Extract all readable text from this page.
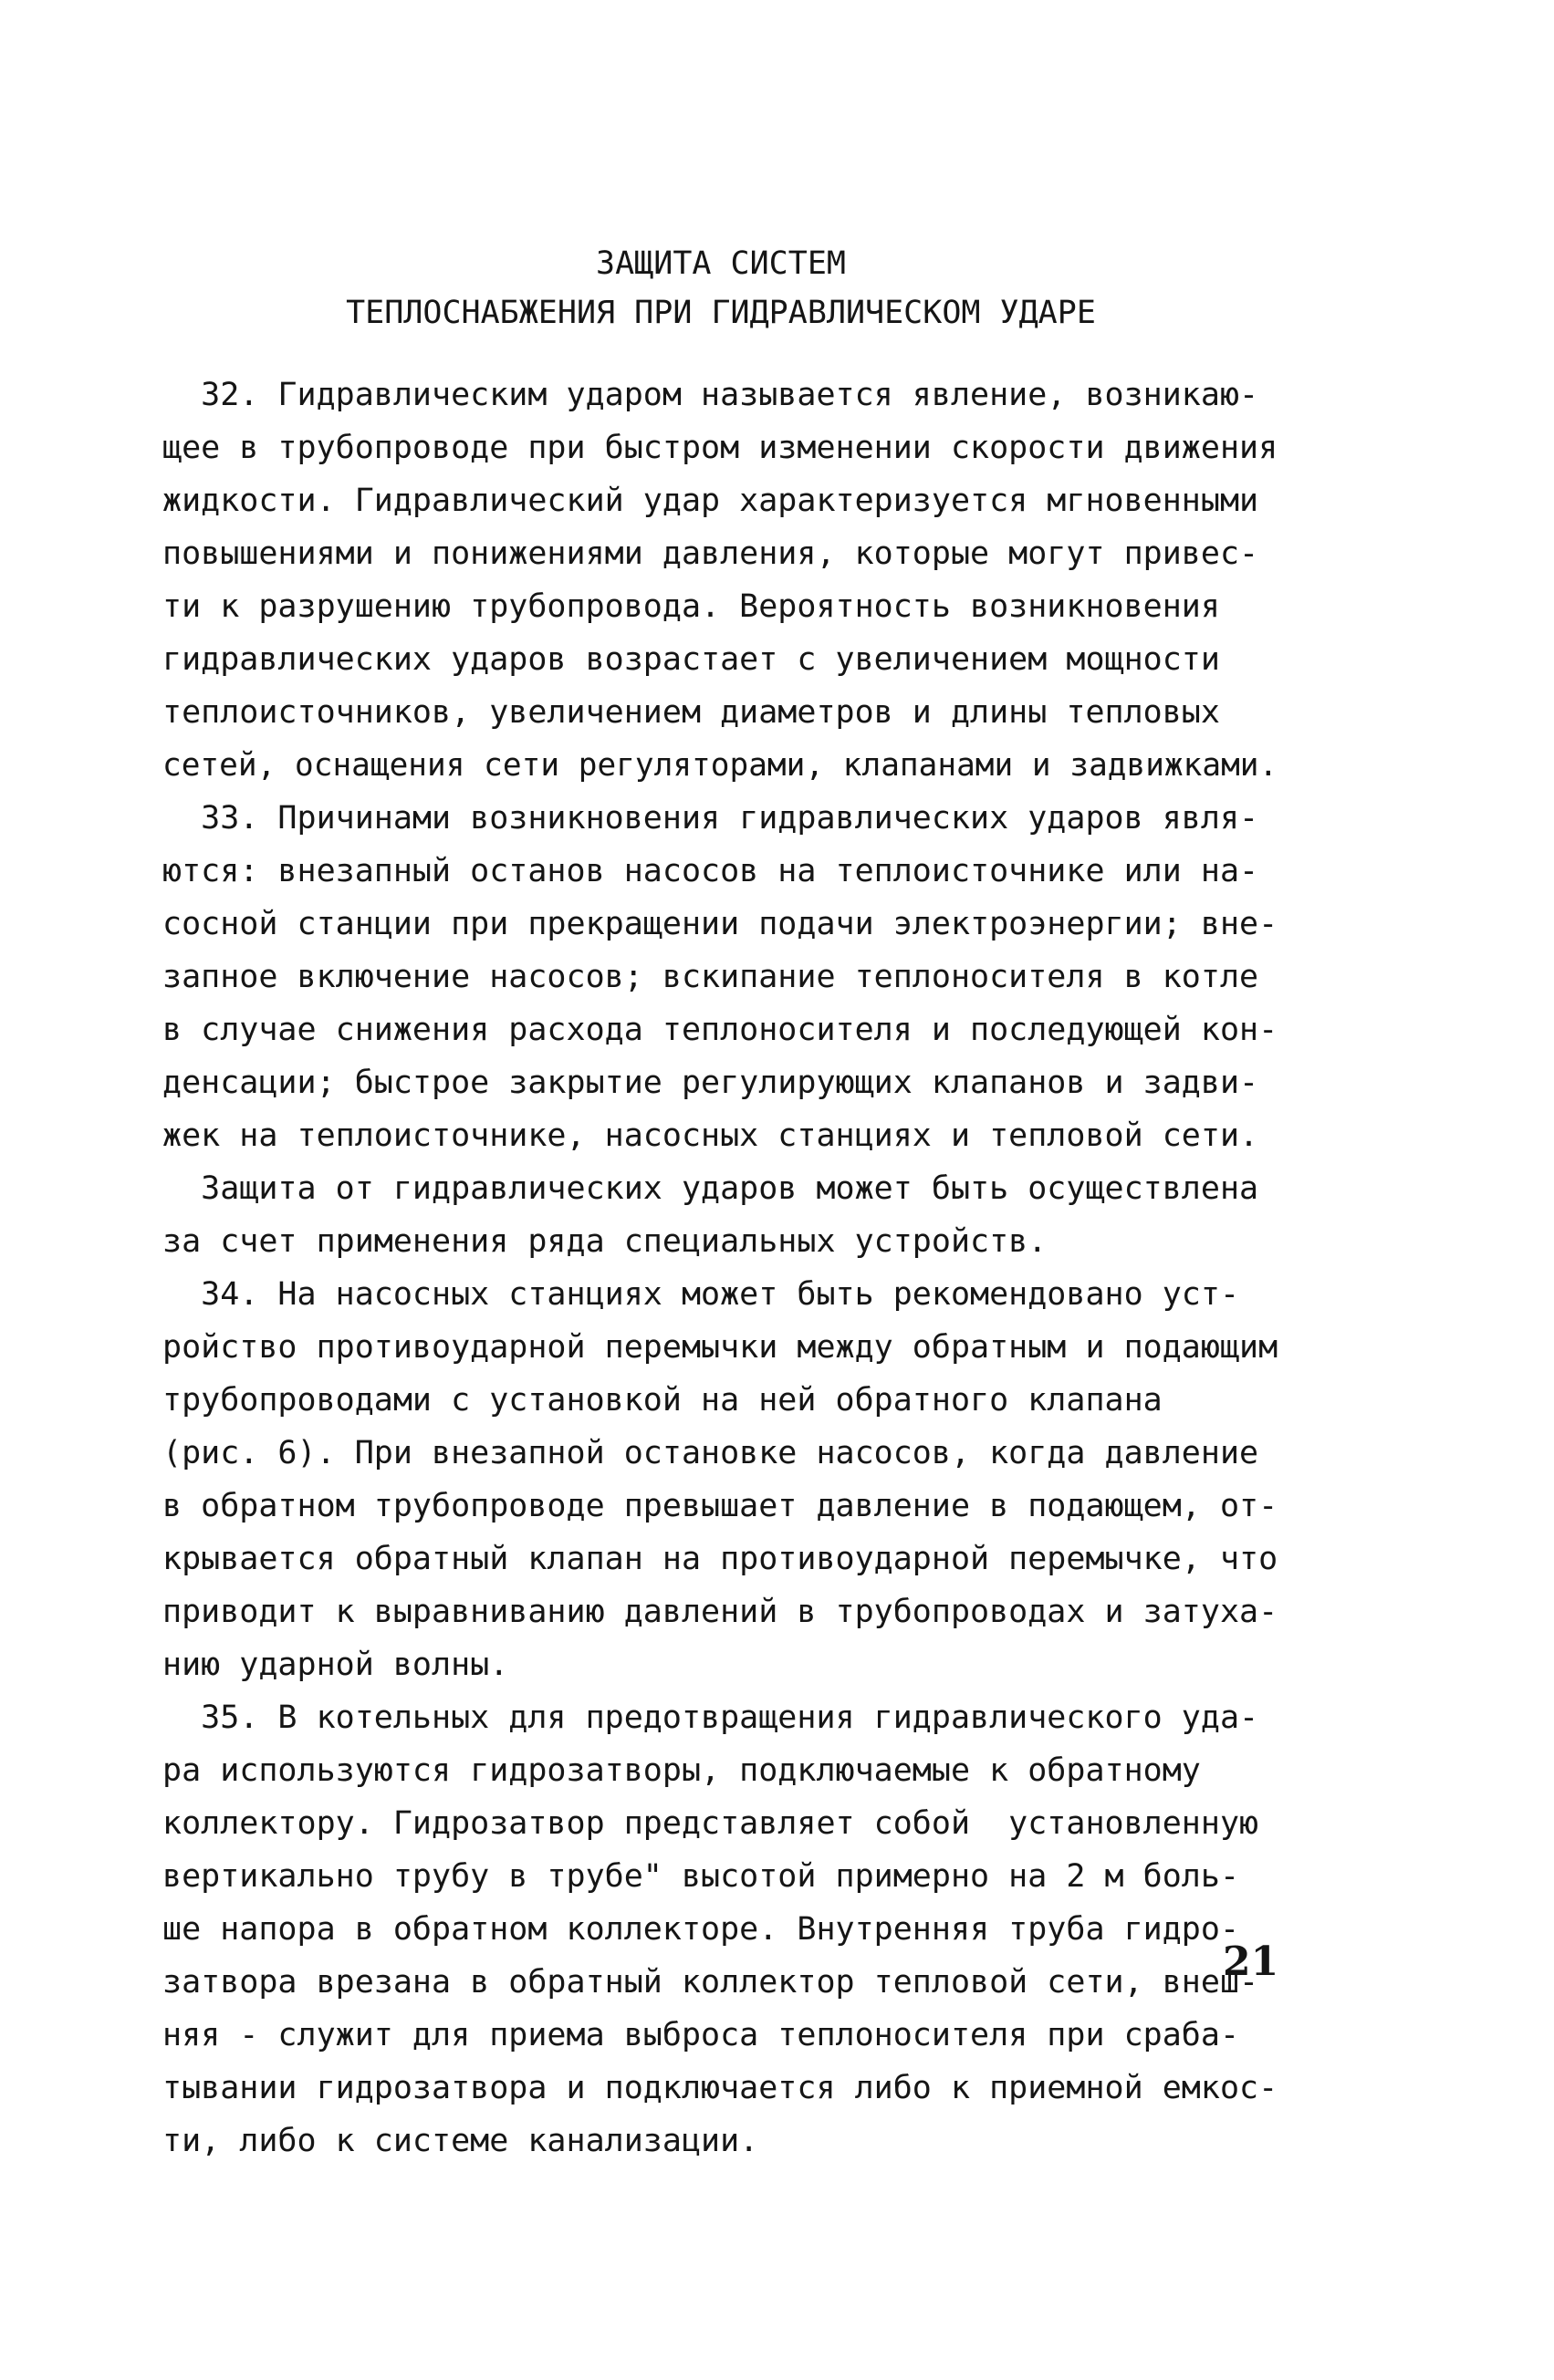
ЗАЩИТА СИСТЕМ
ТЕПЛОСНАБЖЕНИЯ ПРИ ГИДРАВЛИЧЕСКОМ УДАРЕ
32. Гидравлическим ударом называется явление, возникаю-
щее в трубопроводе при быстром изменении скорости движения
жидкости. Гидравлический удар характеризуется мгновенными
повышениями и понижениями давления, которые могут привес-
ти к разрушению трубопровода. Вероятность возникновения
гидравлических ударов возрастает с увеличением мощности
теплоисточников, увеличением диаметров и длины тепловых
сетей, оснащения сети регуляторами, клапанами и задвижками.
33. Причинами возникновения гидравлических ударов явля-
ются: внезапный останов насосов на теплоисточнике или на-
сосной станции при прекращении подачи электроэнергии; вне-
запное включение насосов; вскипание теплоносителя в котле
в случае снижения расхода теплоносителя и последующей кон-
денсации; быстрое закрытие регулирующих клапанов и задви-
жек на теплоисточнике, насосных станциях и тепловой сети.
Защита от гидравлических ударов может быть осуществлена
за счет применения ряда специальных устройств.
34. На насосных станциях может быть рекомендовано уст-
ройство противоударной перемычки между обратным и подающим
трубопроводами с установкой на ней обратного клапана
(рис. 6). При внезапной остановке насосов, когда давление
в обратном трубопроводе превышает давление в подающем, от-
крывается обратный клапан на противоударной перемычке, что
приводит к выравниванию давлений в трубопроводах и затуха-
нию ударной волны.
35. В котельных для предотвращения гидравлического уда-
ра используются гидрозатворы, подключаемые к обратному
коллектору. Гидрозатвор представляет собой  установленную
вертикально трубу в трубе" высотой примерно на 2 м боль-
ше напора в обратном коллекторе. Внутренняя труба гидро-
затвора врезана в обратный коллектор тепловой сети, внеш-
няя - служит для приема выброса теплоносителя при сраба-
тывании гидрозатвора и подключается либо к приемной емкос-
ти, либо к системе канализации.
21
